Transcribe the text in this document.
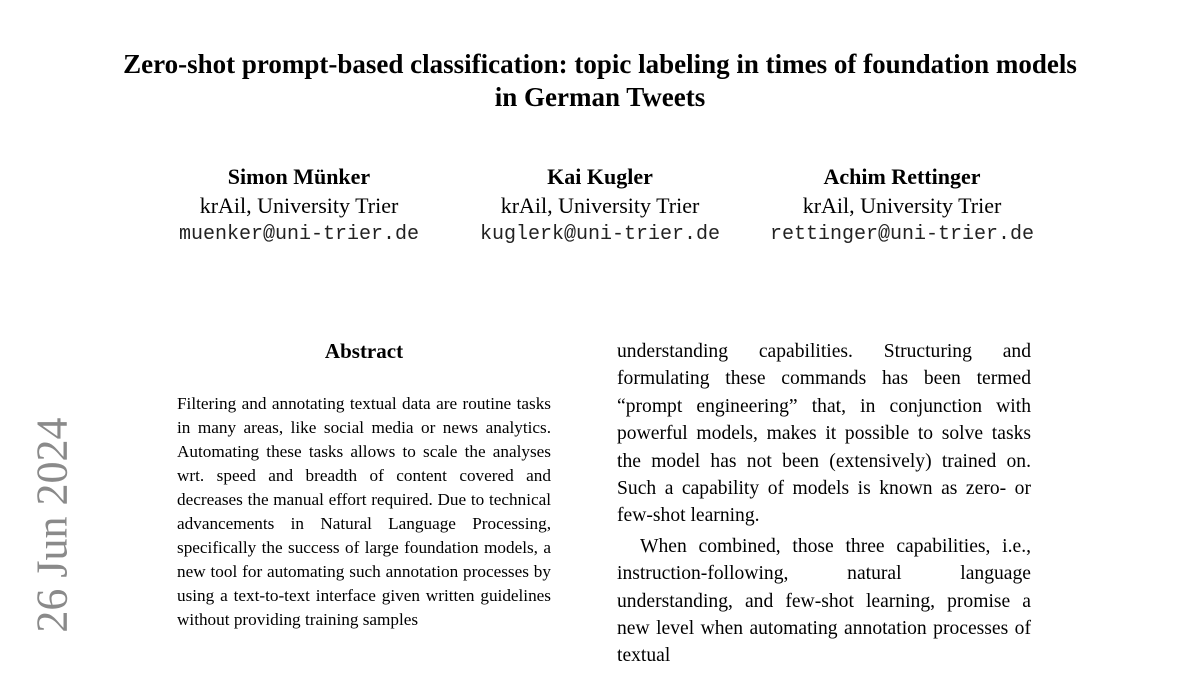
Zero-shot prompt-based classification: topic labeling in times of foundation models in German Tweets
Simon Münker
krAil, University Trier
muenker@uni-trier.de
Kai Kugler
krAil, University Trier
kuglerk@uni-trier.de
Achim Rettinger
krAil, University Trier
rettinger@uni-trier.de
Abstract
Filtering and annotating textual data are routine tasks in many areas, like social media or news analytics. Automating these tasks allows to scale the analyses wrt. speed and breadth of content covered and decreases the manual effort required. Due to technical advancements in Natural Language Processing, specifically the success of large foundation models, a new tool for automating such annotation processes by using a text-to-text interface given written guidelines without providing training samples

understanding capabilities. Structuring and formulating these commands has been termed “prompt engineering” that, in conjunction with powerful models, makes it possible to solve tasks the model has not been (extensively) trained on. Such a capability of models is known as zero- or few-shot learning.

When combined, those three capabilities, i.e., instruction-following, natural language understanding, and few-shot learning, promise a new level when automating annotation processes of textual

26 Jun 2024
